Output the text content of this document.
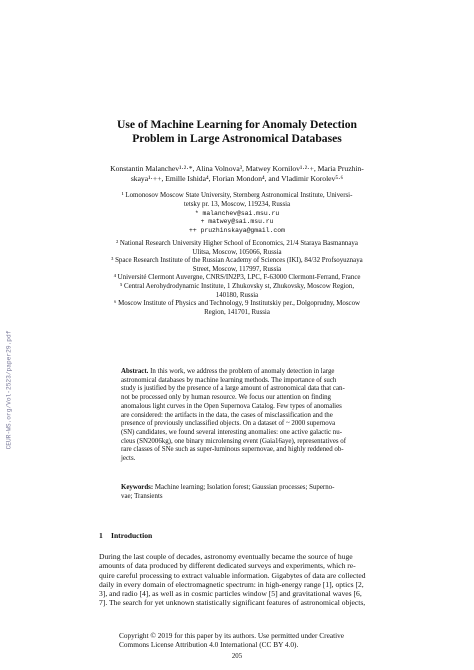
CEUR-WS.org/Vol-2523/paper29.pdf
Use of Machine Learning for Anomaly Detection
Problem in Large Astronomical Databases
Konstantin Malanchev¹·²·*, Alina Volnova³, Matwey Kornilov¹·²·+, Maria Pruzhin-
skaya¹·++, Emille Ishida⁴, Florian Mondon⁴, and Vladimir Korolev⁵·⁶
¹ Lomonosov Moscow State University, Sternberg Astronomical Institute, Universi-
tetsky pr. 13, Moscow, 119234, Russia
* malanchev@sai.msu.ru
+ matwey@sai.msu.ru
++ pruzhinskaya@gmail.com
² National Research University Higher School of Economics, 21/4 Staraya Basmannaya
Ulitsa, Moscow, 105066, Russia
³ Space Research Institute of the Russian Academy of Sciences (IKI), 84/32 Profsoyuznaya
Street, Moscow, 117997, Russia
⁴ Université Clermont Auvergne, CNRS/IN2P3, LPC, F-63000 Clermont-Ferrand, France
⁵ Central Aerohydrodynamic Institute, 1 Zhukovsky st, Zhukovsky, Moscow Region,
140180, Russia
⁶ Moscow Institute of Physics and Technology, 9 Institutskiy per., Dolgoprudny, Moscow
Region, 141701, Russia
Abstract. In this work, we address the problem of anomaly detection in large
astronomical databases by machine learning methods. The importance of such
study is justified by the presence of a large amount of astronomical data that can-
not be processed only by human resource. We focus our attention on finding
anomalous light curves in the Open Supernova Catalog. Few types of anomalies
are considered: the artifacts in the data, the cases of misclassification and the
presence of previously unclassified objects. On a dataset of ~ 2000 supernova
(SN) candidates, we found several interesting anomalies: one active galactic nu-
cleus (SN2006kg), one binary microlensing event (Gaia16aye), representatives of
rare classes of SNe such as super-luminous supernovae, and highly reddened ob-
jects.
Keywords: Machine learning; Isolation forest; Gaussian processes; Superno-
vae; Transients
1 Introduction
During the last couple of decades, astronomy eventually became the source of huge
amounts of data produced by different dedicated surveys and experiments, which re-
quire careful processing to extract valuable information. Gigabytes of data are collected
daily in every domain of electromagnetic spectrum: in high-energy range [1], optics [2,
3], and radio [4], as well as in cosmic particles window [5] and gravitational waves [6,
7]. The search for yet unknown statistically significant features of astronomical objects,
Copyright © 2019 for this paper by its authors. Use permitted under Creative
Commons License Attribution 4.0 International (CC BY 4.0).
205
